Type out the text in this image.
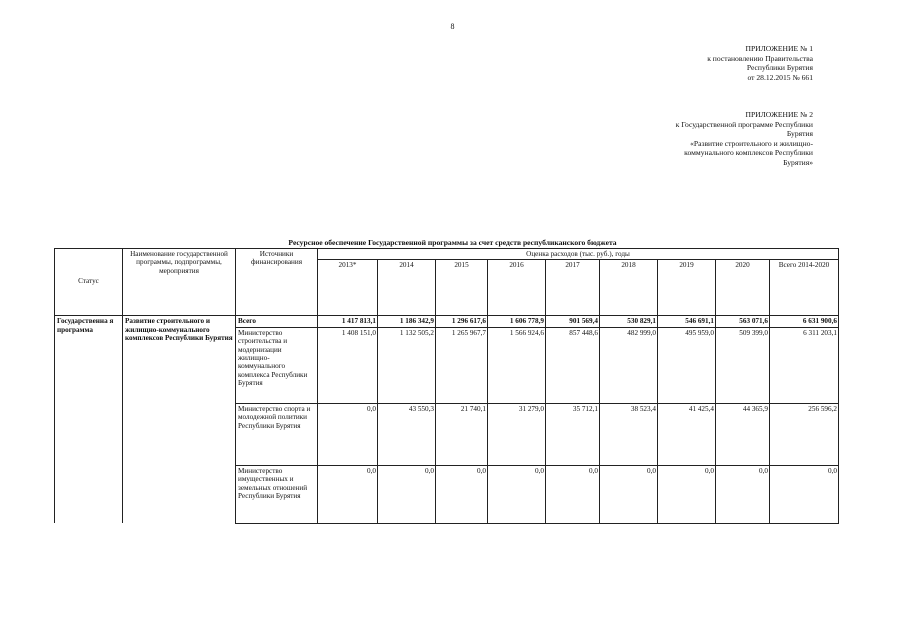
8
ПРИЛОЖЕНИЕ № 1
к постановлению Правительства
Республики Бурятия
от 28.12.2015 № 661
ПРИЛОЖЕНИЕ № 2
к Государственной программе Республики
Бурятия
«Развитие строительного и жилищно-
коммунального комплексов Республики
Бурятия»
Ресурсное обеспечение Государственной программы за счет средств республиканского бюджета
Статус	Наименование государственной программы, подпрограммы, мероприятия	Источники финансирования	Оценка расходов (тыс. руб.), годы								
			2013*	2014	2015	2016	2017	2018	2019	2020	Всего 2014-2020
Государственна я программа	Развитие строительного и жилищно-коммунального комплексов Республики Бурятия	Всего	1 417 813,1	1 186 342,9	1 296 617,6	1 606 778,9	901 569,4	530 829,1	546 691,1	563 071,6	6 631 900,6
		Министерство строительства и модернизации жилищно-коммунального комплекса Республики Бурятия	1 408 151,0	1 132 505,2	1 265 967,7	1 566 924,6	857 448,6	482 999,0	495 959,0	509 399,0	6 311 203,1
		Министерство спорта и молодежной политики Республики Бурятия	0,0	43 550,3	21 740,1	31 279,0	35 712,1	38 523,4	41 425,4	44 365,9	256 596,2
		Министерство имущественных и земельных отношений Республики Бурятия	0,0	0,0	0,0	0,0	0,0	0,0	0,0	0,0	0,0
